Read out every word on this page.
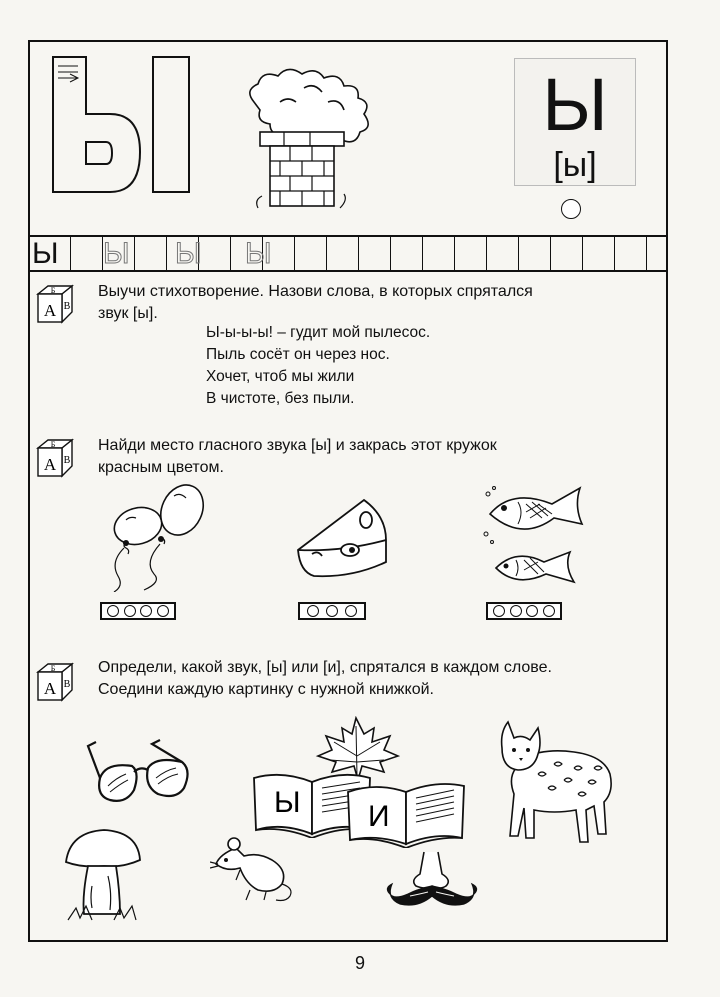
Ы
[ы]
Ы Ы Ы Ы
Б
А В
Б
А В
Б
А В
Выучи стихотворение. Назови слова, в которых спрятался
звук [ы].
Ы-ы-ы-ы! – гудит мой пылесос.
Пыль сосёт он через нос.
Хочет, чтоб мы жили
В чистоте, без пыли.
Найди место гласного звука [ы] и закрась этот кружок
красным цветом.
Определи, какой звук, [ы] или [и], спрятался в каждом слове.
Соедини каждую картинку с нужной книжкой.
Ы И
9
